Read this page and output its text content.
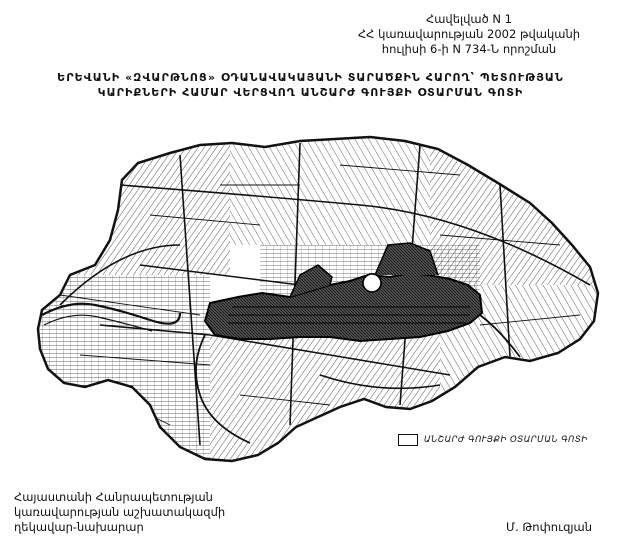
Հավելված N 1
ՀՀ կառավարության 2002 թվականի
հուլիսի 6-ի N 734-Ն որոշման
ԵՐԵՎԱՆԻ «ԶՎԱՐԹՆՈՑ» ՕԴԱՆԱՎԱԿԱՅԱՆԻ ՏԱՐԱԾՔԻՆ ՀԱՐՈՂ՝ ՊԵՏՈՒԹՅԱՆ
ԿԱՐԻՔՆԵՐԻ ՀԱՄԱՐ ՎԵՐՑՎՈՂ ԱՆՇԱՐԺ ԳՈՒՅՔԻ ՕՏԱՐՄԱՆ ԳՈՏԻ
ԱՆՇԱՐԺ ԳՈՒՅՔԻ ՕՏԱՐՄԱՆ ԳՈՏԻ
Հայաստանի Հանրապետության
կառավարության աշխատակազմի
ղեկավար-նախարար	Մ. Թոփուզյան
